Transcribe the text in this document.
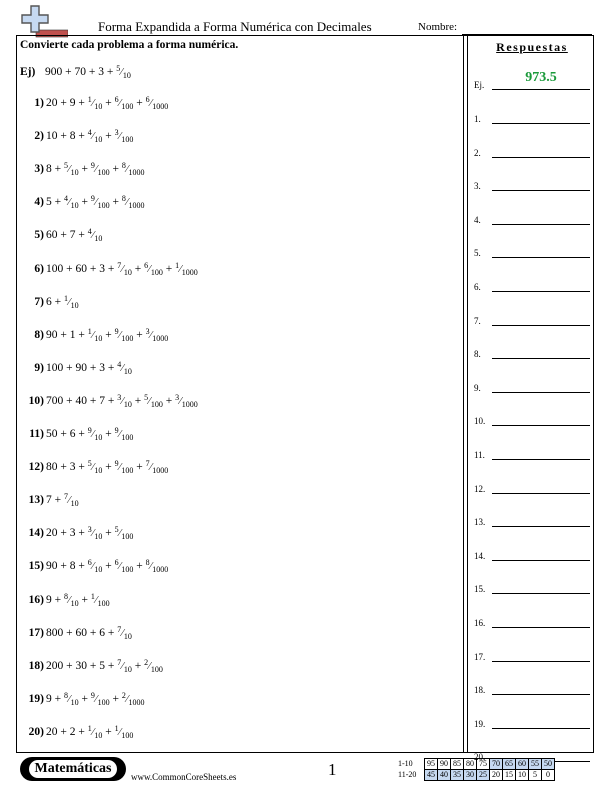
Forma Expandida a Forma Numérica con Decimales	Nombre:
Convierte cada problema a forma numérica.
Ej) 900 + 70 + 3 + 5⁄10
1) 20 + 9 + 1⁄10 + 6⁄100 + 6⁄1000
2) 10 + 8 + 4⁄10 + 3⁄100
3) 8 + 5⁄10 + 9⁄100 + 8⁄1000
4) 5 + 4⁄10 + 9⁄100 + 8⁄1000
5) 60 + 7 + 4⁄10
6) 100 + 60 + 3 + 7⁄10 + 6⁄100 + 1⁄1000
7) 6 + 1⁄10
8) 90 + 1 + 1⁄10 + 9⁄100 + 3⁄1000
9) 100 + 90 + 3 + 4⁄10
10) 700 + 40 + 7 + 3⁄10 + 5⁄100 + 3⁄1000
11) 50 + 6 + 9⁄10 + 9⁄100
12) 80 + 3 + 5⁄10 + 9⁄100 + 7⁄1000
13) 7 + 7⁄10
14) 20 + 3 + 3⁄10 + 5⁄100
15) 90 + 8 + 6⁄10 + 6⁄100 + 8⁄1000
16) 9 + 8⁄10 + 1⁄100
17) 800 + 60 + 6 + 7⁄10
18) 200 + 30 + 5 + 7⁄10 + 2⁄100
19) 9 + 8⁄10 + 9⁄100 + 2⁄1000
20) 20 + 2 + 1⁄10 + 1⁄100
Respuestas
Ej.	973.5
1.
2.
3.
4.
5.
6.
7.
8.
9.
10.
11.
12.
13.
14.
15.
16.
17.
18.
19.
20.
Matemáticas
www.CommonCoreSheets.es	1	1-10	95	90	85	80	75	70	65	60	55	50
11-20	45	40	35	30	25	20	15	10	5	0
